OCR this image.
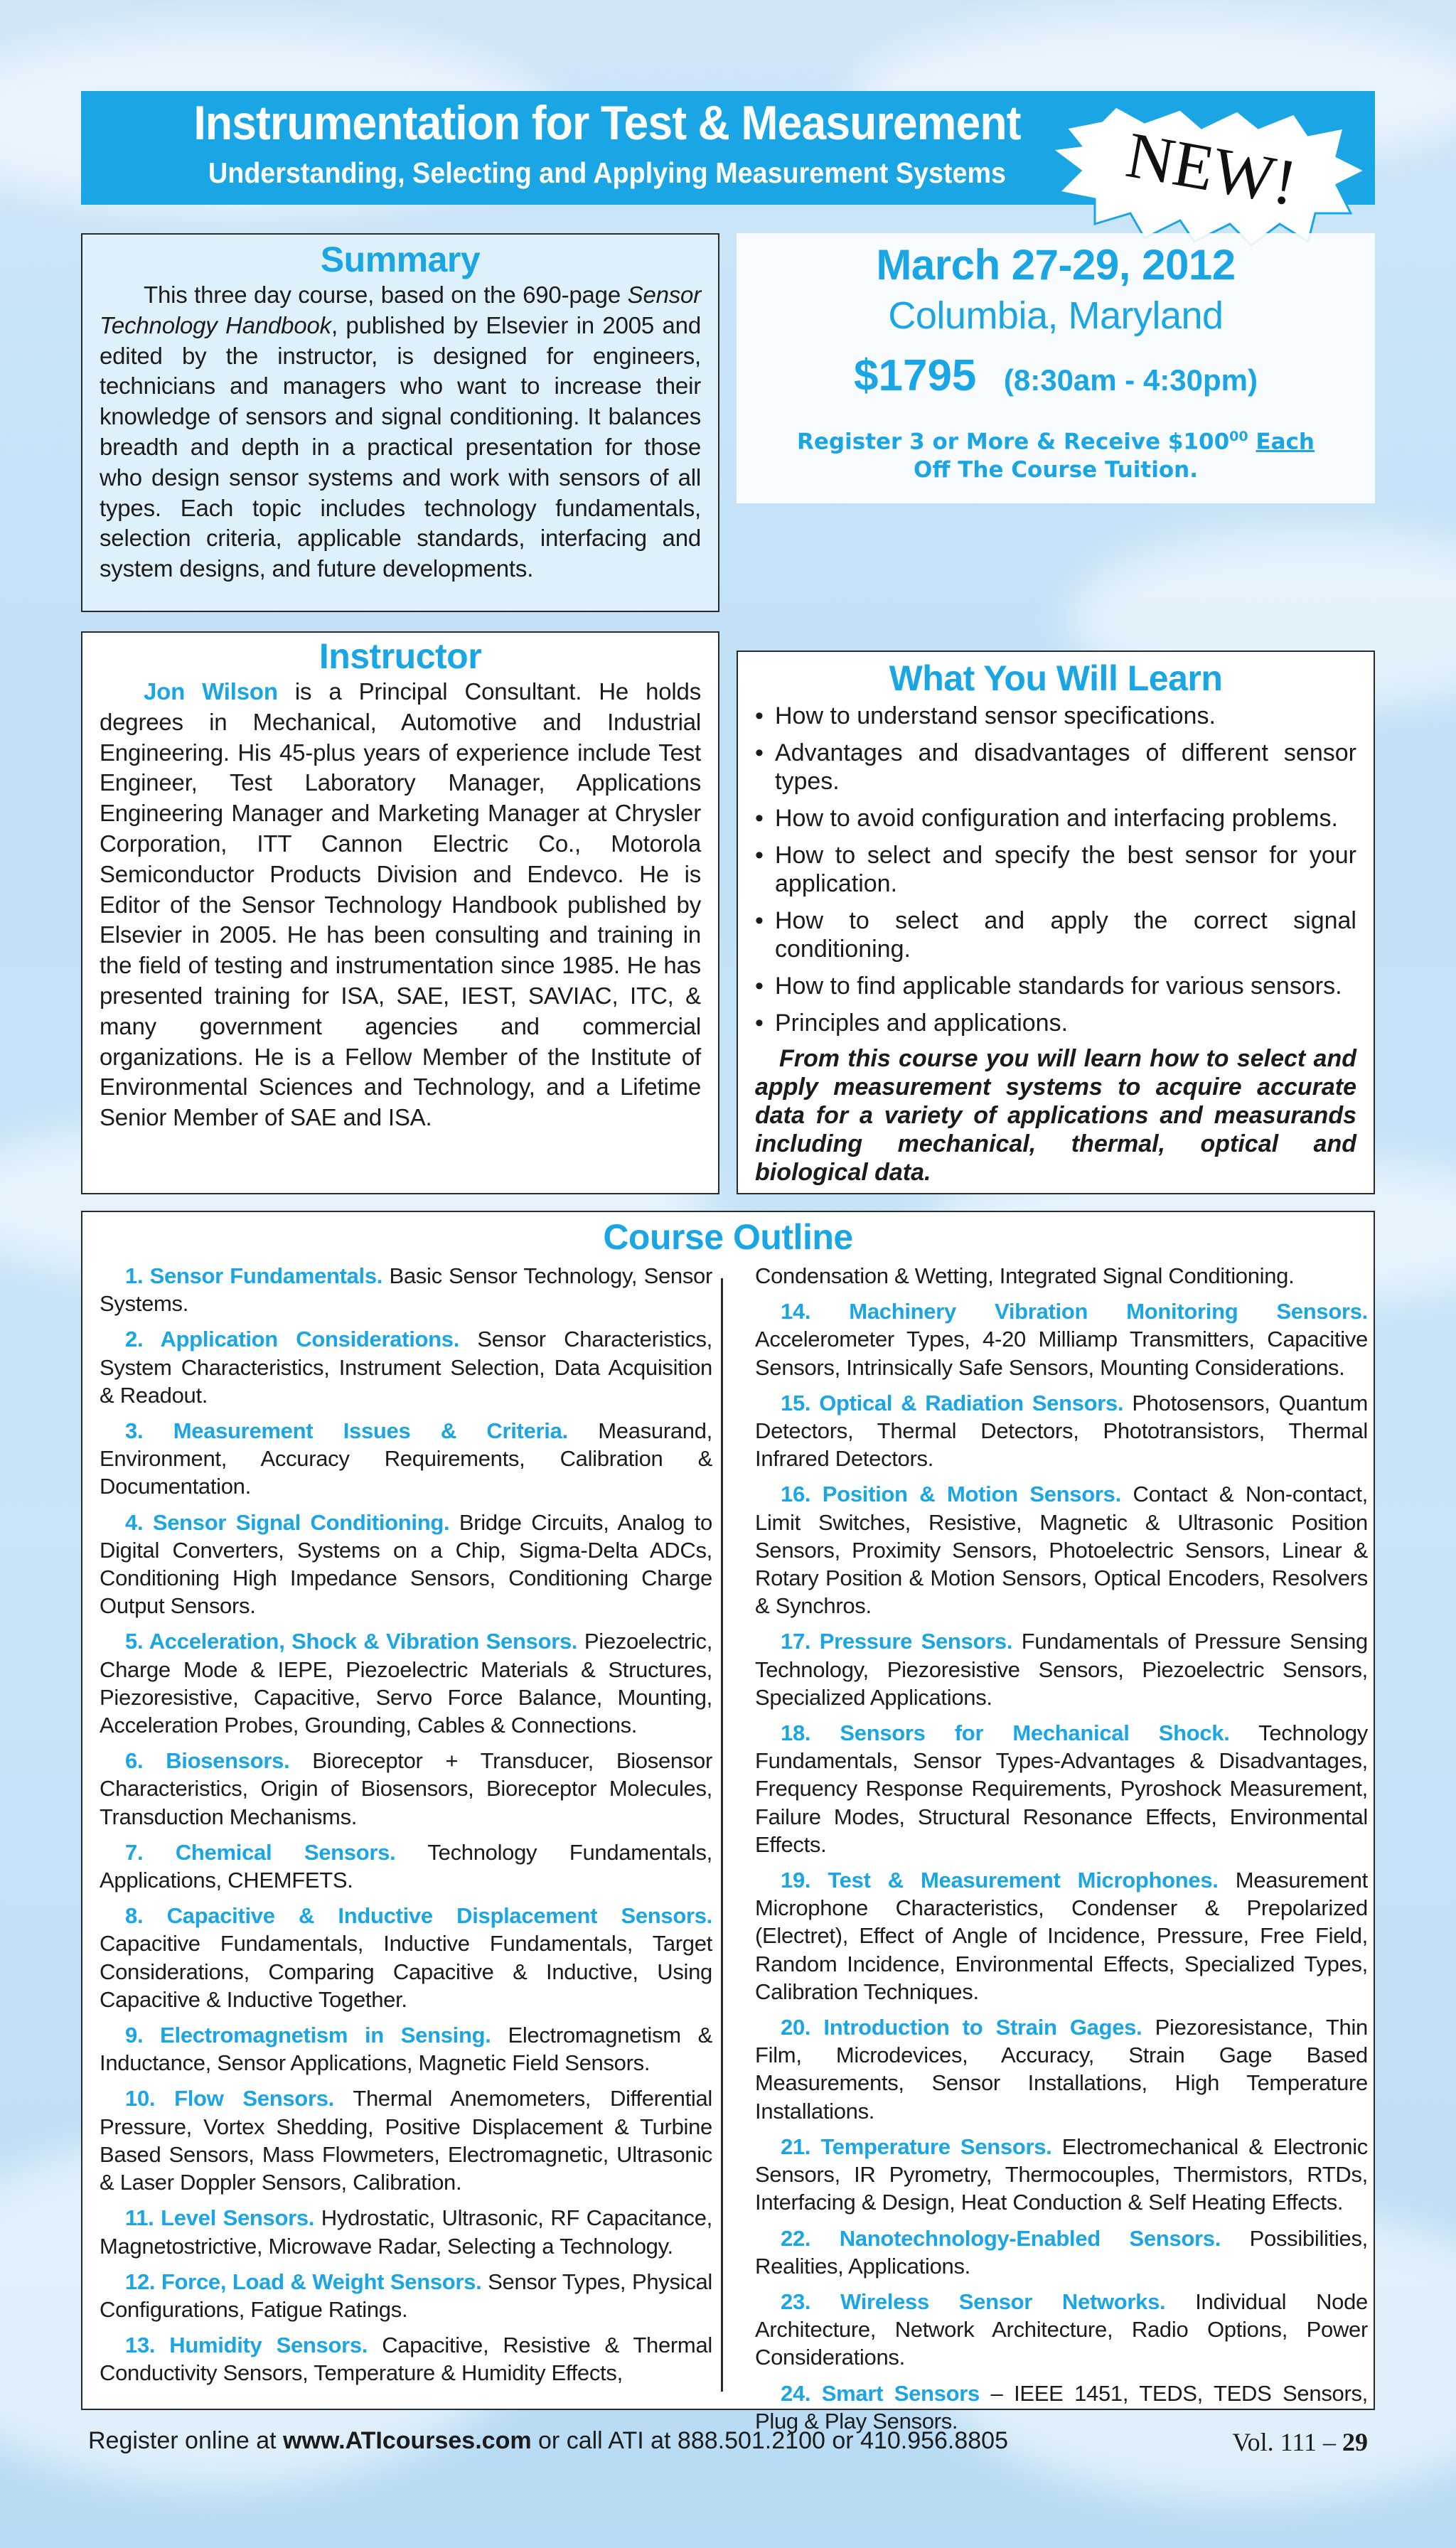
Instrumentation for Test & Measurement
Understanding, Selecting and Applying Measurement Systems	NEW!
Summary

This three day course, based on the 690-page Sensor Technology Handbook, published by Elsevier in 2005 and edited by the instructor, is designed for engineers, technicians and managers who want to increase their knowledge of sensors and signal conditioning. It balances breadth and depth in a practical presentation for those who design sensor systems and work with sensors of all types. Each topic includes technology fundamentals, selection criteria, applicable standards, interfacing and system designs, and future developments.

March 27-29, 2012
Columbia, Maryland
$1795 (8:30am - 4:30pm)
Register 3 or More & Receive $\$100^{00}$ Each
Off The Course Tuition.
Instructor

Jon Wilson is a Principal Consultant. He holds degrees in Mechanical, Automotive and Industrial Engineering. His 45-plus years of experience include Test Engineer, Test Laboratory Manager, Applications Engineering Manager and Marketing Manager at Chrysler Corporation, ITT Cannon Electric Co., Motorola Semiconductor Products Division and Endevco. He is Editor of the Sensor Technology Handbook published by Elsevier in 2005. He has been consulting and training in the field of testing and instrumentation since 1985. He has presented training for ISA, SAE, IEST, SAVIAC, ITC, & many government agencies and commercial organizations. He is a Fellow Member of the Institute of Environmental Sciences and Technology, and a Lifetime Senior Member of SAE and ISA.

What You Will Learn
• How to understand sensor specifications.
• Advantages and disadvantages of different sensor types.
• How to avoid configuration and interfacing problems.
• How to select and specify the best sensor for your application.
• How to select and apply the correct signal conditioning.
• How to find applicable standards for various sensors.
• Principles and applications.

From this course you will learn how to select and apply measurement systems to acquire accurate data for a variety of applications and measurands including mechanical, thermal, optical and biological data.

Course Outline
1. Sensor Fundamentals. Basic Sensor Technology, Sensor Systems.
2. Application Considerations. Sensor Characteristics, System Characteristics, Instrument Selection, Data Acquisition & Readout.
3. Measurement Issues & Criteria. Measurand, Environment, Accuracy Requirements, Calibration & Documentation.
4. Sensor Signal Conditioning. Bridge Circuits, Analog to Digital Converters, Systems on a Chip, Sigma-Delta ADCs, Conditioning High Impedance Sensors, Conditioning Charge Output Sensors.
5. Acceleration, Shock & Vibration Sensors. Piezoelectric, Charge Mode & IEPE, Piezoelectric Materials & Structures, Piezoresistive, Capacitive, Servo Force Balance, Mounting, Acceleration Probes, Grounding, Cables & Connections.
6. Biosensors. Bioreceptor + Transducer, Biosensor Characteristics, Origin of Biosensors, Bioreceptor Molecules, Transduction Mechanisms.
7. Chemical Sensors. Technology Fundamentals, Applications, CHEMFETS.
8. Capacitive & Inductive Displacement Sensors. Capacitive Fundamentals, Inductive Fundamentals, Target Considerations, Comparing Capacitive & Inductive, Using Capacitive & Inductive Together.
9. Electromagnetism in Sensing. Electromagnetism & Inductance, Sensor Applications, Magnetic Field Sensors.
10. Flow Sensors. Thermal Anemometers, Differential Pressure, Vortex Shedding, Positive Displacement & Turbine Based Sensors, Mass Flowmeters, Electromagnetic, Ultrasonic & Laser Doppler Sensors, Calibration.
11. Level Sensors. Hydrostatic, Ultrasonic, RF Capacitance, Magnetostrictive, Microwave Radar, Selecting a Technology.
12. Force, Load & Weight Sensors. Sensor Types, Physical Configurations, Fatigue Ratings.
13. Humidity Sensors. Capacitive, Resistive & Thermal Conductivity Sensors, Temperature & Humidity Effects,
Condensation & Wetting, Integrated Signal Conditioning.
14. Machinery Vibration Monitoring Sensors. Accelerometer Types, 4-20 Milliamp Transmitters, Capacitive Sensors, Intrinsically Safe Sensors, Mounting Considerations.
15. Optical & Radiation Sensors. Photosensors, Quantum Detectors, Thermal Detectors, Phototransistors, Thermal Infrared Detectors.
16. Position & Motion Sensors. Contact & Non-contact, Limit Switches, Resistive, Magnetic & Ultrasonic Position Sensors, Proximity Sensors, Photoelectric Sensors, Linear & Rotary Position & Motion Sensors, Optical Encoders, Resolvers & Synchros.
17. Pressure Sensors. Fundamentals of Pressure Sensing Technology, Piezoresistive Sensors, Piezoelectric Sensors, Specialized Applications.
18. Sensors for Mechanical Shock. Technology Fundamentals, Sensor Types-Advantages & Disadvantages, Frequency Response Requirements, Pyroshock Measurement, Failure Modes, Structural Resonance Effects, Environmental Effects.
19. Test & Measurement Microphones. Measurement Microphone Characteristics, Condenser & Prepolarized (Electret), Effect of Angle of Incidence, Pressure, Free Field, Random Incidence, Environmental Effects, Specialized Types, Calibration Techniques.
20. Introduction to Strain Gages. Piezoresistance, Thin Film, Microdevices, Accuracy, Strain Gage Based Measurements, Sensor Installations, High Temperature Installations.
21. Temperature Sensors. Electromechanical & Electronic Sensors, IR Pyrometry, Thermocouples, Thermistors, RTDs, Interfacing & Design, Heat Conduction & Self Heating Effects.
22. Nanotechnology-Enabled Sensors. Possibilities, Realities, Applications.
23. Wireless Sensor Networks. Individual Node Architecture, Network Architecture, Radio Options, Power Considerations.
24. Smart Sensors – IEEE 1451, TEDS, TEDS Sensors, Plug & Play Sensors.
Register online at www.ATIcourses.com or call ATI at 888.501.2100 or 410.956.8805	Vol. 111 – 29
